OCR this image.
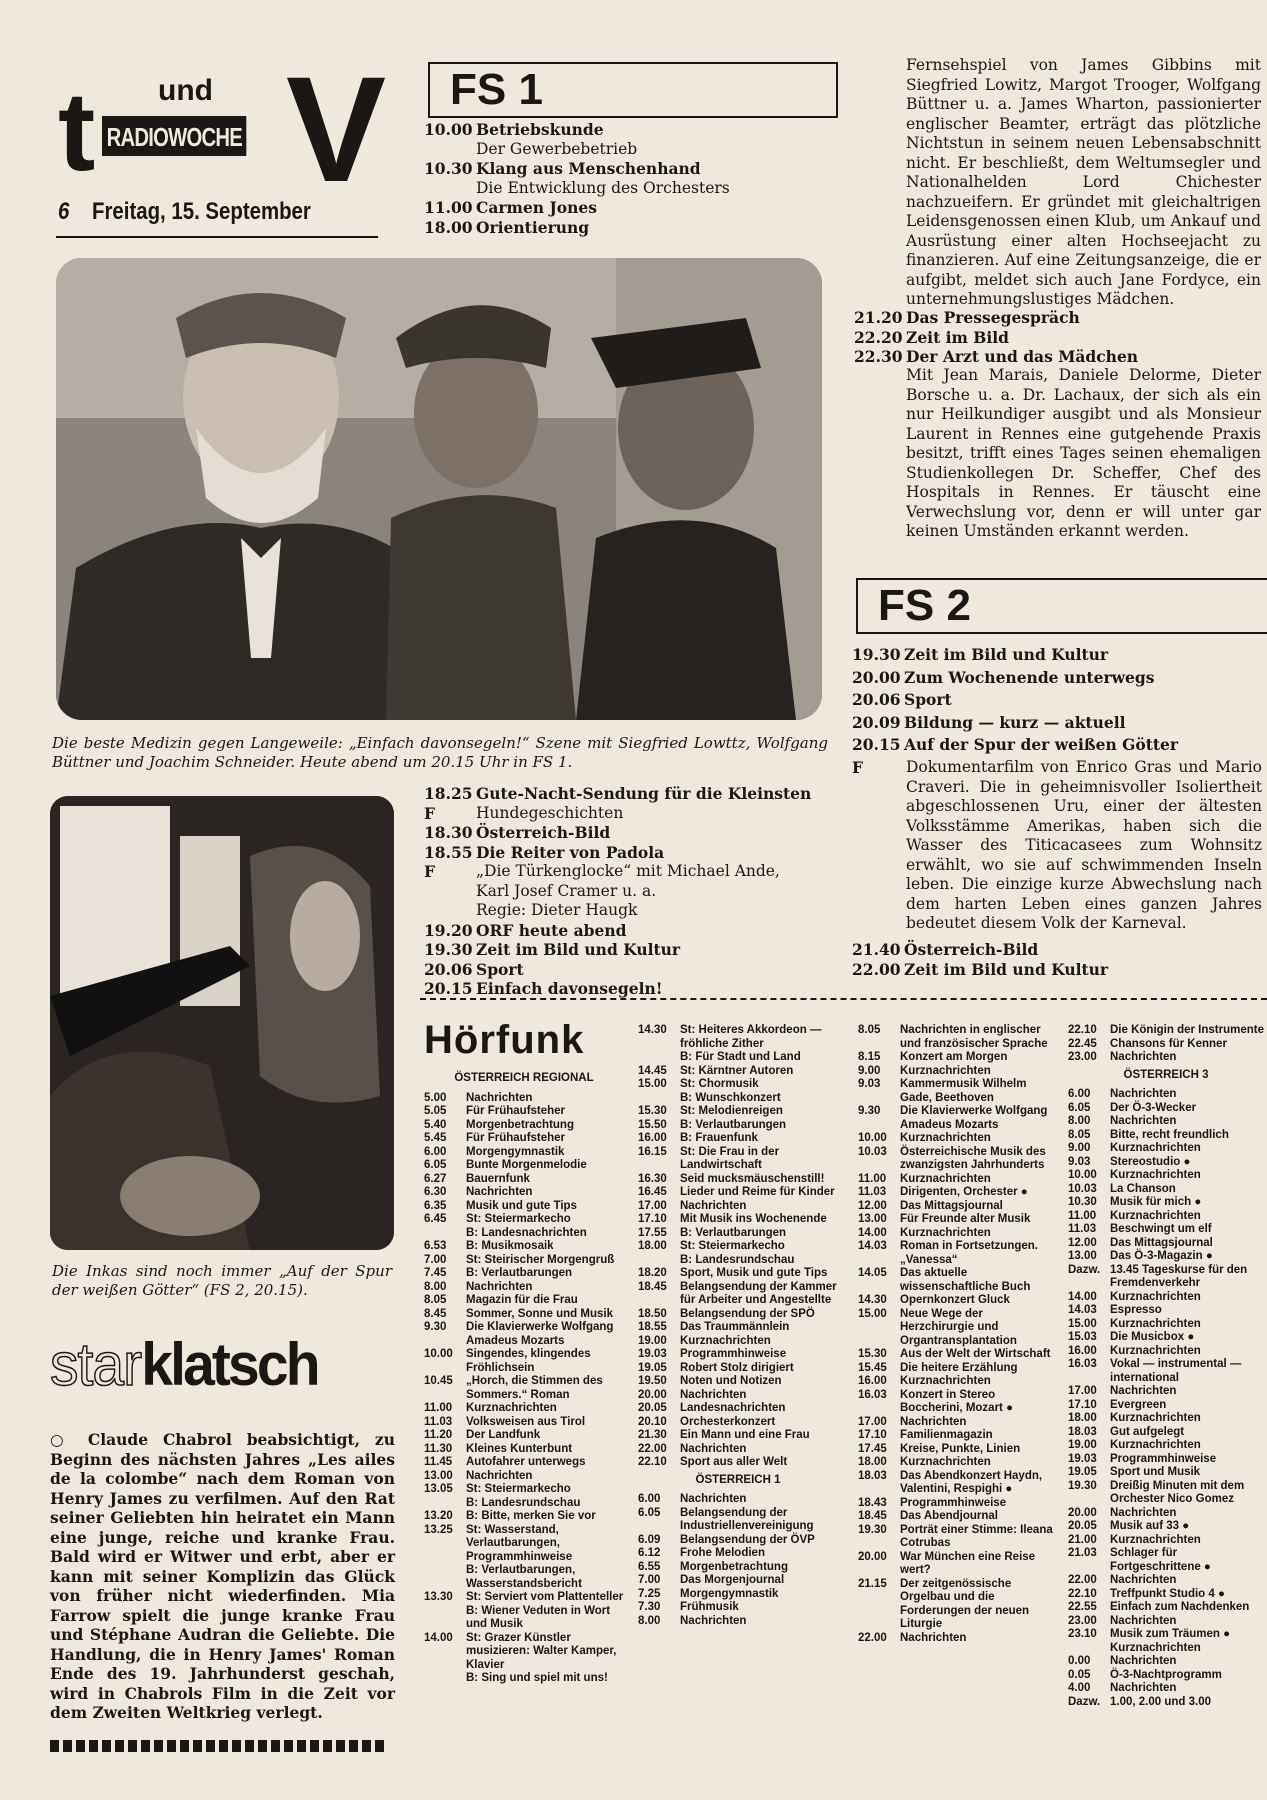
t und
RADIOWOCHE V
6 Freitag, 15. September
FS 1
10.00 Betriebskunde
Der Gewerbebetrieb
10.30 Klang aus Menschenhand
Die Entwicklung des Orchesters
11.00 Carmen Jones
18.00 Orientierung
Fernsehspiel von James Gibbins mit Siegfried Lowitz, Margot Trooger, Wolfgang Büttner u. a. James Wharton, passionierter englischer Beamter, erträgt das plötzliche Nichtstun in seinem neuen Lebensabschnitt nicht. Er beschließt, dem Weltumsegler und Nationalhelden Lord Chichester nachzueifern. Er gründet mit gleichaltrigen Leidensgenossen einen Klub, um Ankauf und Ausrüstung einer alten Hochseejacht zu finanzieren. Auf eine Zeitungsanzeige, die er aufgibt, meldet sich auch Jane Fordyce, ein unternehmungslustiges Mädchen.
21.20 Das Pressegespräch
22.20 Zeit im Bild
22.30 Der Arzt und das Mädchen
Mit Jean Marais, Daniele Delorme, Dieter Borsche u. a. Dr. Lachaux, der sich als ein nur Heilkundiger ausgibt und als Monsieur Laurent in Rennes eine gutgehende Praxis besitzt, trifft eines Tages seinen ehemaligen Studienkollegen Dr. Scheffer, Chef des Hospitals in Rennes. Er täuscht eine Verwechslung vor, denn er will unter gar keinen Umständen erkannt werden.
Die beste Medizin gegen Langeweile: „Einfach davonsegeln!“ Szene mit Siegfried Lowttz, Wolfgang Büttner und Joachim Schneider. Heute abend um 20.15 Uhr in FS 1.
18.25 Gute-Nacht-Sendung für die Kleinsten
F	Hundegeschichten
18.30 Österreich-Bild
18.55 Die Reiter von Padola
F	„Die Türkenglocke“ mit Michael Ande,
Karl Josef Cramer u. a.
Regie: Dieter Haugk
19.20 ORF heute abend
19.30 Zeit im Bild und Kultur
20.06 Sport
20.15 Einfach davonsegeln!
FS 2
19.30 Zeit im Bild und Kultur
20.00 Zum Wochenende unterwegs
20.06 Sport
20.09 Bildung — kurz — aktuell
20.15 Auf der Spur der weißen Götter
F	Dokumentarfilm von Enrico Gras und Mario Craveri. Die in geheimnisvoller Isoliertheit abgeschlossenen Uru, einer der ältesten Volksstämme Amerikas, haben sich die Wasser des Titicacasees zum Wohnsitz erwählt, wo sie auf schwimmenden Inseln leben. Die einzige kurze Abwechslung nach dem harten Leben eines ganzen Jahres bedeutet diesem Volk der Karneval.
21.40 Österreich-Bild
22.00 Zeit im Bild und Kultur
Die Inkas sind noch immer „Auf der Spur der weißen Götter“ (FS 2, 20.15).
starklatsch
○ Claude Chabrol beabsichtigt, zu Beginn des nächsten Jahres „Les ailes de la colombe“ nach dem Roman von Henry James zu verfilmen. Auf den Rat seiner Geliebten hin heiratet ein Mann eine junge, reiche und kranke Frau. Bald wird er Witwer und erbt, aber er kann mit seiner Komplizin das Glück von früher nicht wiederfinden. Mia Farrow spielt die junge kranke Frau und Stéphane Audran die Geliebte. Die Handlung, die in Henry James' Roman Ende des 19. Jahrhunderst geschah, wird in Chabrols Film in die Zeit vor dem Zweiten Weltkrieg verlegt.
Hörfunk
ÖSTERREICH REGIONAL
5.00	Nachrichten
5.05	Für Frühaufsteher
5.40	Morgenbetrachtung
5.45	Für Frühaufsteher
6.00	Morgengymnastik
6.05	Bunte Morgenmelodie
6.27	Bauernfunk
6.30	Nachrichten
6.35	Musik und gute Tips
6.45	St: Steiermarkecho
B: Landesnachrichten
6.53	B: Musikmosaik
7.00	St: Steirischer Morgengruß
7.45	B: Verlautbarungen
8.00	Nachrichten
8.05	Magazin für die Frau
8.45	Sommer, Sonne und Musik
9.30	Die Klavierwerke Wolfgang Amadeus Mozarts
10.00	Singendes, klingendes Fröhlichsein
10.45	„Horch, die Stimmen des Sommers.“ Roman
11.00	Kurznachrichten
11.03	Volksweisen aus Tirol
11.20	Der Landfunk
11.30	Kleines Kunterbunt
11.45	Autofahrer unterwegs
13.00	Nachrichten
13.05	St: Steiermarkecho
B: Landesrundschau
13.20	B: Bitte, merken Sie vor
13.25	St: Wasserstand, Verlautbarungen, Programmhinweise
B: Verlautbarungen, Wasserstandsbericht
13.30	St: Serviert vom Plattenteller
B: Wiener Veduten in Wort und Musik
14.00	St: Grazer Künstler musizieren: Walter Kamper, Klavier
B: Sing und spiel mit uns!
14.30	St: Heiteres Akkordeon — fröhliche Zither
B: Für Stadt und Land
14.45	St: Kärntner Autoren
15.00	St: Chormusik
B: Wunschkonzert
15.30	St: Melodienreigen
15.50	B: Verlautbarungen
16.00	B: Frauenfunk
16.15	St: Die Frau in der Landwirtschaft
16.30	Seid mucksmäuschenstill!
16.45	Lieder und Reime für Kinder
17.00	Nachrichten
17.10	Mit Musik ins Wochenende
17.55	B: Verlautbarungen
18.00	St: Steiermarkecho
B: Landesrundschau
18.20	Sport, Musik und gute Tips
18.45	Belangsendung der Kammer für Arbeiter und Angestellte
18.50	Belangsendung der SPÖ
18.55	Das Traummännlein
19.00	Kurznachrichten
19.03	Programmhinweise
19.05	Robert Stolz dirigiert
19.50	Noten und Notizen
20.00	Nachrichten
20.05	Landesnachrichten
20.10	Orchesterkonzert
21.30	Ein Mann und eine Frau
22.00	Nachrichten
22.10	Sport aus aller Welt
ÖSTERREICH 1
6.00	Nachrichten
6.05	Belangsendung der Industriellenvereinigung
6.09	Belangsendung der ÖVP
6.12	Frohe Melodien
6.55	Morgenbetrachtung
7.00	Das Morgenjournal
7.25	Morgengymnastik
7.30	Frühmusik
8.00	Nachrichten
8.05	Nachrichten in englischer und französischer Sprache
8.15	Konzert am Morgen
9.00	Kurznachrichten
9.03	Kammermusik Wilhelm Gade, Beethoven
9.30	Die Klavierwerke Wolfgang Amadeus Mozarts
10.00	Kurznachrichten
10.03	Österreichische Musik des zwanzigsten Jahrhunderts
11.00	Kurznachrichten
11.03	Dirigenten, Orchester ●
12.00	Das Mittagsjournal
13.00	Für Freunde alter Musik
14.00	Kurznachrichten
14.03	Roman in Fortsetzungen. „Vanessa“
14.05	Das aktuelle wissenschaftliche Buch
14.30	Opernkonzert Gluck
15.00	Neue Wege der Herzchirurgie und Organtransplantation
15.30	Aus der Welt der Wirtschaft
15.45	Die heitere Erzählung
16.00	Kurznachrichten
16.03	Konzert in Stereo Boccherini, Mozart ●
17.00	Nachrichten
17.10	Familienmagazin
17.45	Kreise, Punkte, Linien
18.00	Kurznachrichten
18.03	Das Abendkonzert Haydn, Valentini, Respighi ●
18.43	Programmhinweise
18.45	Das Abendjournal
19.30	Porträt einer Stimme: Ileana Cotrubas
20.00	War München eine Reise wert?
21.15	Der zeitgenössische Orgelbau und die Forderungen der neuen Liturgie
22.00	Nachrichten
22.10	Die Königin der Instrumente
22.45	Chansons für Kenner
23.00	Nachrichten
ÖSTERREICH 3
6.00	Nachrichten
6.05	Der Ö-3-Wecker
8.00	Nachrichten
8.05	Bitte, recht freundlich
9.00	Kurznachrichten
9.03	Stereostudio ●
10.00	Kurznachrichten
10.03	La Chanson
10.30	Musik für mich ●
11.00	Kurznachrichten
11.03	Beschwingt um elf
12.00	Das Mittagsjournal
13.00	Das Ö-3-Magazin ●
Dazw. 13.45 Tageskurse für den Fremdenverkehr
14.00	Kurznachrichten
14.03	Espresso
15.00	Kurznachrichten
15.03	Die Musicbox ●
16.00	Kurznachrichten
16.03	Vokal — instrumental — international
17.00	Nachrichten
17.10	Evergreen
18.00	Kurznachrichten
18.03	Gut aufgelegt
19.00	Kurznachrichten
19.03	Programmhinweise
19.05	Sport und Musik
19.30	Dreißig Minuten mit dem Orchester Nico Gomez
20.00	Nachrichten
20.05	Musik auf 33 ●
21.00	Kurznachrichten
21.03	Schlager für Fortgeschrittene ●
22.00	Nachrichten
22.10	Treffpunkt Studio 4 ●
22.55	Einfach zum Nachdenken
23.00	Nachrichten
23.10	Musik zum Träumen ●
Kurznachrichten
0.00	Nachrichten
0.05	Ö-3-Nachtprogramm
4.00	Nachrichten
Dazw. 1.00, 2.00 und 3.00
